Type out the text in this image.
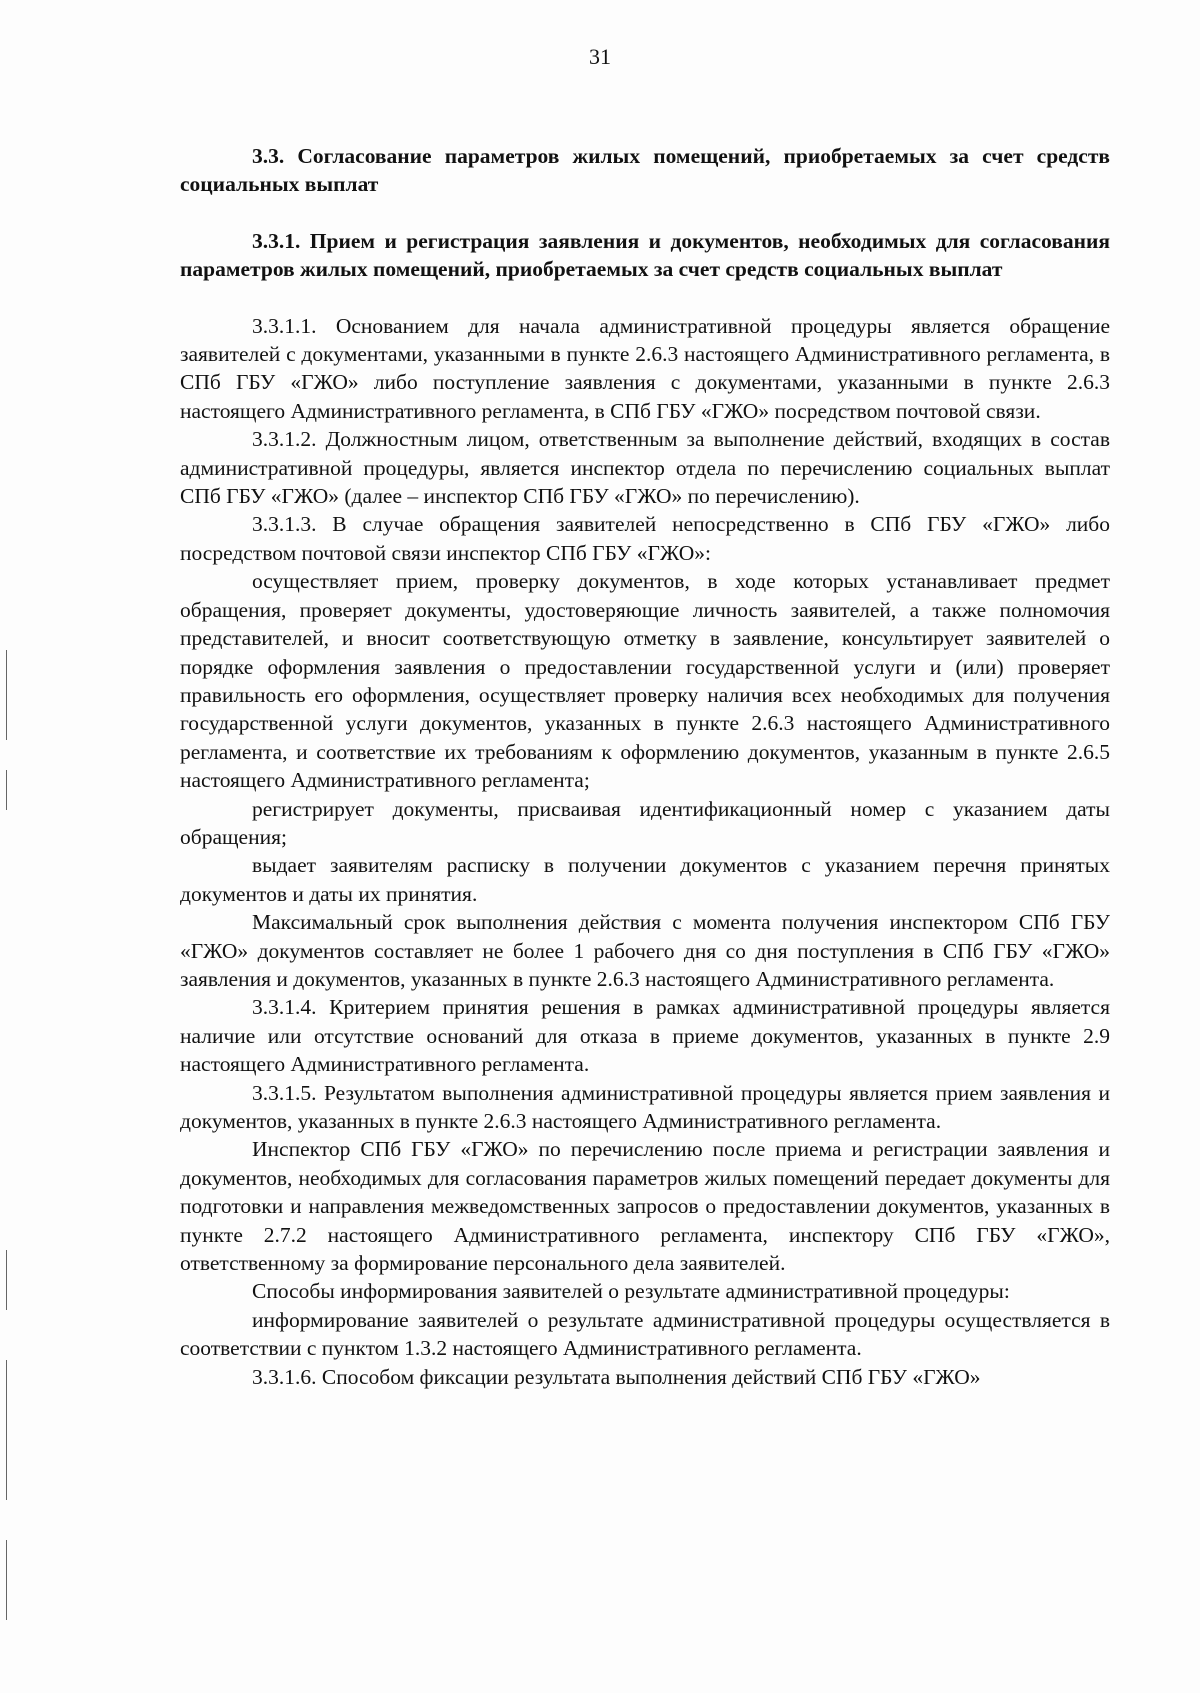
31

3.3. Согласование параметров жилых помещений, приобретаемых за счет средств социальных выплат

3.3.1. Прием и регистрация заявления и документов, необходимых для согласования параметров жилых помещений, приобретаемых за счет средств социальных выплат

3.3.1.1. Основанием для начала административной процедуры является обращение заявителей с документами, указанными в пункте 2.6.3 настоящего Административного регламента, в СПб ГБУ «ГЖО» либо поступление заявления с документами, указанными в пункте 2.6.3 настоящего Административного регламента, в СПб ГБУ «ГЖО» посредством почтовой связи.

3.3.1.2. Должностным лицом, ответственным за выполнение действий, входящих в состав административной процедуры, является инспектор отдела по перечислению социальных выплат СПб ГБУ «ГЖО» (далее – инспектор СПб ГБУ «ГЖО» по перечислению).

3.3.1.3. В случае обращения заявителей непосредственно в СПб ГБУ «ГЖО» либо посредством почтовой связи инспектор СПб ГБУ «ГЖО»:

осуществляет прием, проверку документов, в ходе которых устанавливает предмет обращения, проверяет документы, удостоверяющие личность заявителей, а также полномочия представителей, и вносит соответствующую отметку в заявление, консультирует заявителей о порядке оформления заявления о предоставлении государственной услуги и (или) проверяет правильность его оформления, осуществляет проверку наличия всех необходимых для получения государственной услуги документов, указанных в пункте 2.6.3 настоящего Административного регламента, и соответствие их требованиям к оформлению документов, указанным в пункте 2.6.5 настоящего Административного регламента;

регистрирует документы, присваивая идентификационный номер с указанием даты обращения;

выдает заявителям расписку в получении документов с указанием перечня принятых документов и даты их принятия.

Максимальный срок выполнения действия с момента получения инспектором СПб ГБУ «ГЖО» документов составляет не более 1 рабочего дня со дня поступления в СПб ГБУ «ГЖО» заявления и документов, указанных в пункте 2.6.3 настоящего Административного регламента.

3.3.1.4. Критерием принятия решения в рамках административной процедуры является наличие или отсутствие оснований для отказа в приеме документов, указанных в пункте 2.9 настоящего Административного регламента.

3.3.1.5. Результатом выполнения административной процедуры является прием заявления и документов, указанных в пункте 2.6.3 настоящего Административного регламента.

Инспектор СПб ГБУ «ГЖО» по перечислению после приема и регистрации заявления и документов, необходимых для согласования параметров жилых помещений передает документы для подготовки и направления межведомственных запросов о предоставлении документов, указанных в пункте 2.7.2 настоящего Административного регламента, инспектору СПб ГБУ «ГЖО», ответственному за формирование персонального дела заявителей.

Способы информирования заявителей о результате административной процедуры:

информирование заявителей о результате административной процедуры осуществляется в соответствии с пунктом 1.3.2 настоящего Административного регламента.

3.3.1.6. Способом фиксации результата выполнения действий СПб ГБУ «ГЖО»
